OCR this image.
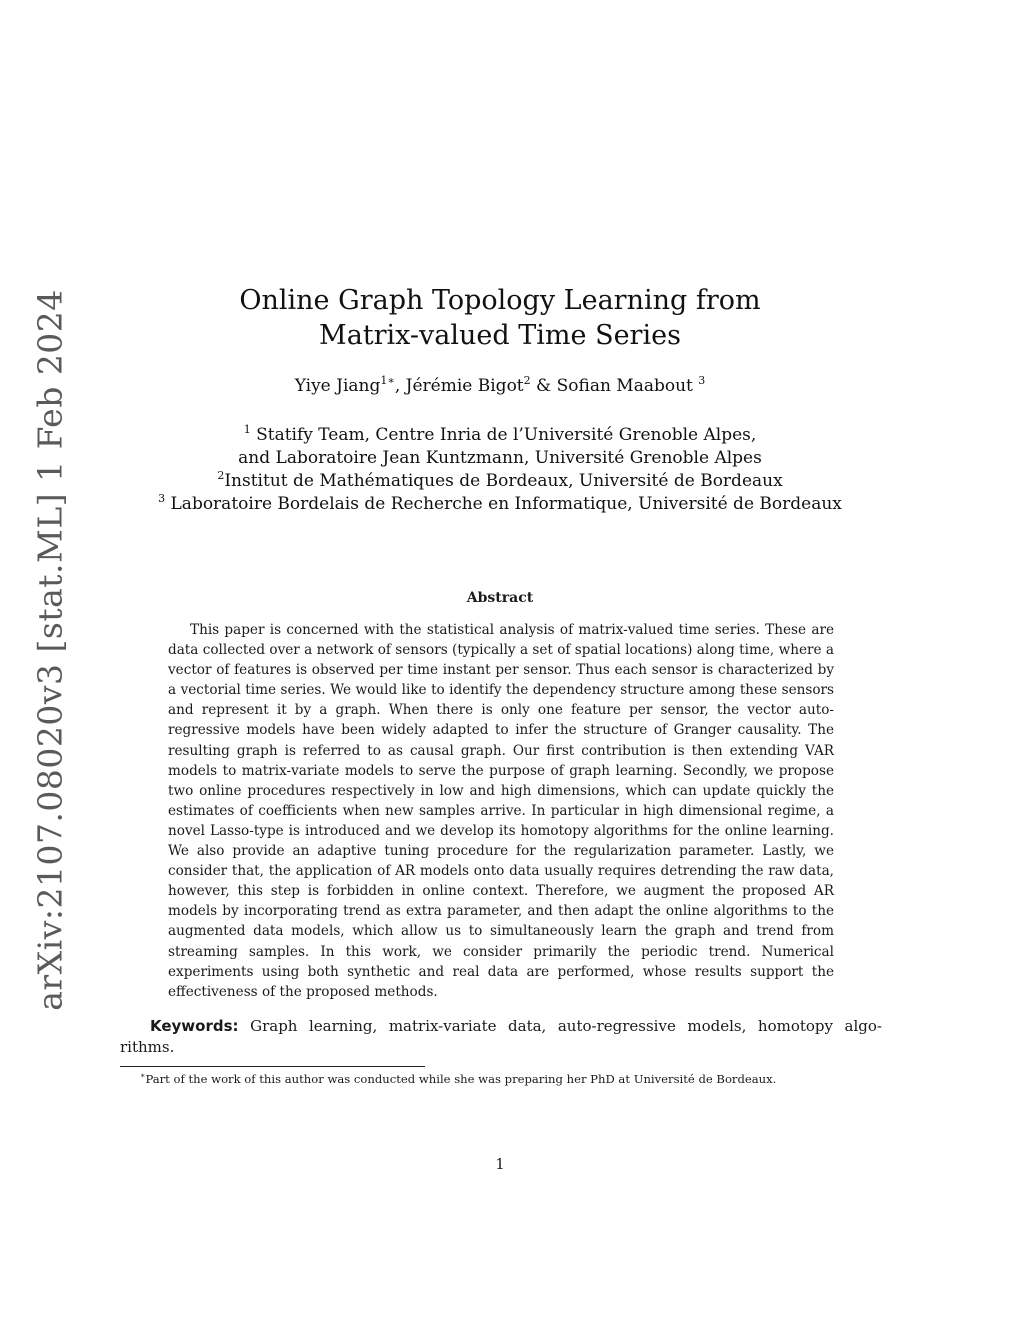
arXiv:2107.08020v3 [stat.ML] 1 Feb 2024	Online Graph Topology Learning from
Matrix-valued Time Series
Yiye Jiang$^{1∗}$, Jérémie Bigot$^2$ & Sofian Maabout $^3$
$^1$ Statify Team, Centre Inria de l’Université Grenoble Alpes,
and Laboratoire Jean Kuntzmann, Université Grenoble Alpes
$^2$Institut de Mathématiques de Bordeaux, Université de Bordeaux
$^3$ Laboratoire Bordelais de Recherche en Informatique, Université de Bordeaux
Abstract
This paper is concerned with the statistical analysis of matrix-valued time series. These are data collected over a network of sensors (typically a set of spatial locations) along time, where a vector of features is observed per time instant per sensor. Thus each sensor is characterized by a vectorial time series. We would like to identify the dependency structure among these sensors and represent it by a graph. When there is only one feature per sensor, the vector auto-regressive models have been widely adapted to infer the structure of Granger causality. The resulting graph is referred to as causal graph. Our first contribution is then extending VAR models to matrix-variate models to serve the purpose of graph learning. Secondly, we propose two online procedures respectively in low and high dimensions, which can update quickly the estimates of coefficients when new samples arrive. In particular in high dimensional regime, a novel Lasso-type is introduced and we develop its homotopy algorithms for the online learning. We also provide an adaptive tuning procedure for the regularization parameter. Lastly, we consider that, the application of AR models onto data usually requires detrending the raw data, however, this step is forbidden in online context. Therefore, we augment the proposed AR models by incorporating trend as extra parameter, and then adapt the online algorithms to the augmented data models, which allow us to simultaneously learn the graph and trend from streaming samples. In this work, we consider primarily the periodic trend. Numerical experiments using both synthetic and real data are performed, whose results support the effectiveness of the proposed methods.
Keywords: Graph learning, matrix-variate data, auto-regressive models, homotopy algo-rithms.
∗Part of the work of this author was conducted while she was preparing her PhD at Université de Bordeaux.
1
